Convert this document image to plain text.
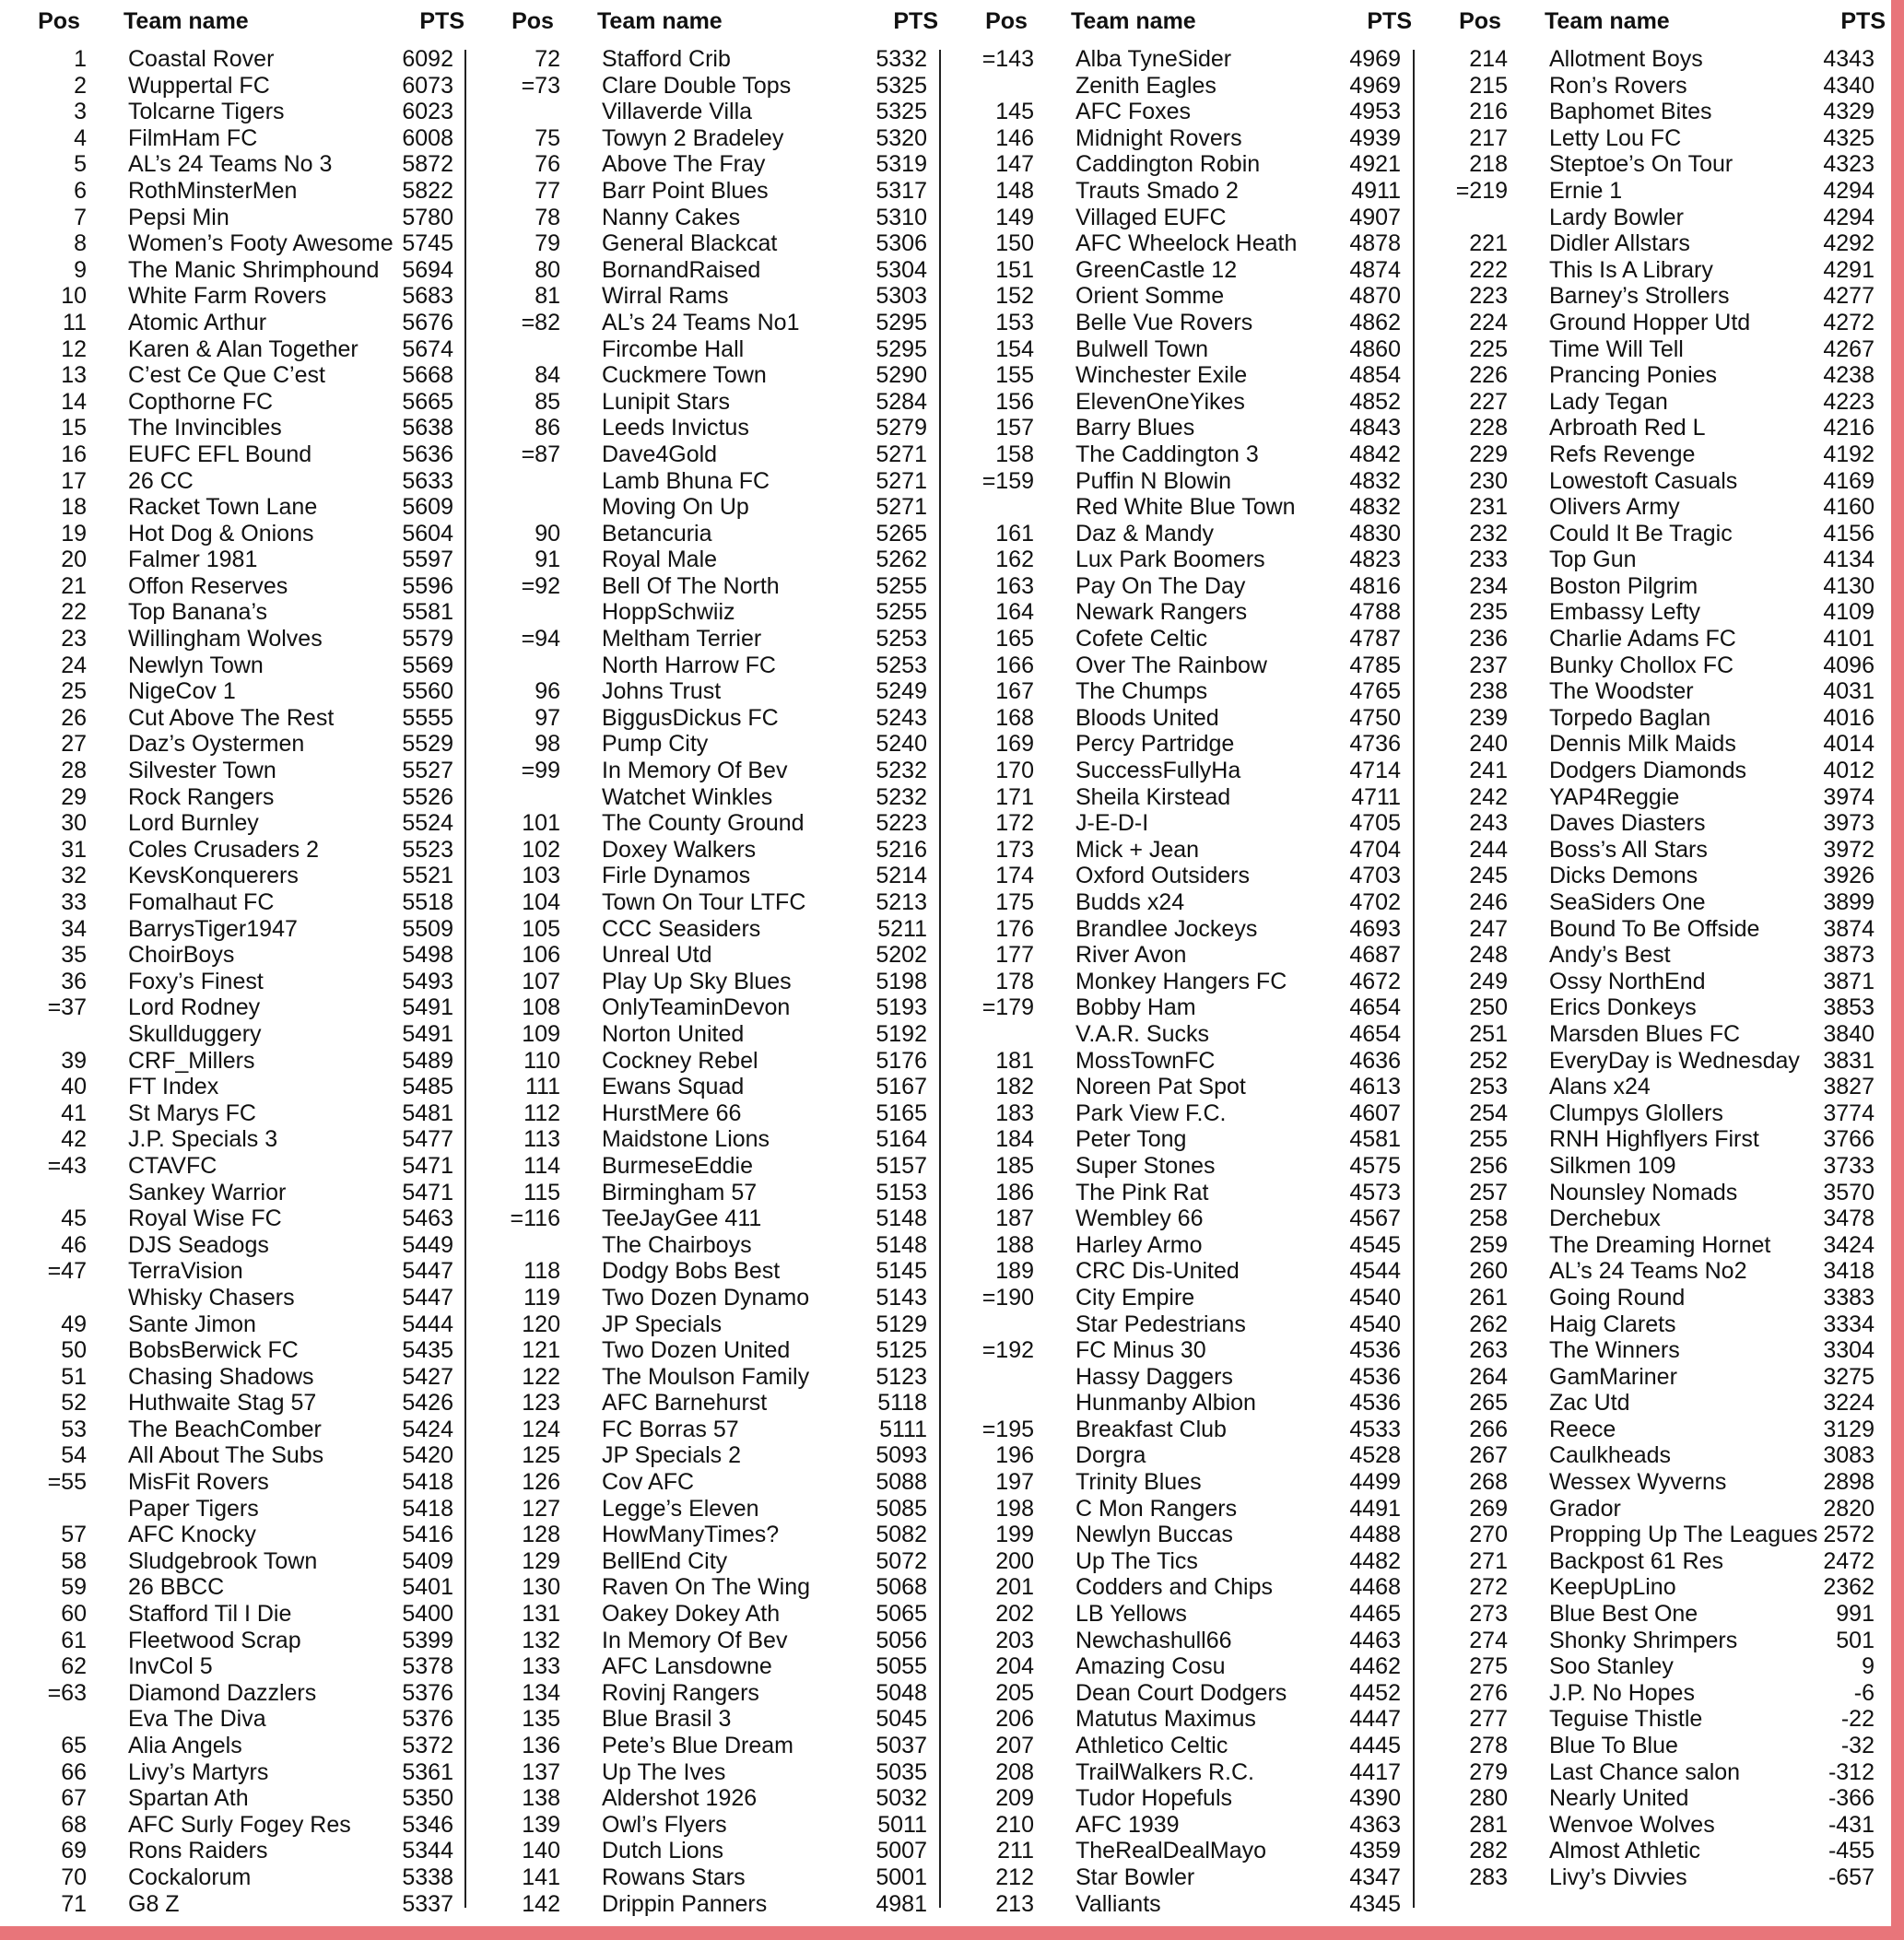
Pos	Team name	PTS
1 Coastal Rover	6092
2 Wuppertal FC	6073
3 Tolcarne Tigers	6023
4 FilmHam FC	6008
5 AL’s 24 Teams No 3	5872
6 RothMinsterMen	5822
7 Pepsi Min	5780
8 Women’s Footy Awesome 5745
9 The Manic Shrimphound	5694
10 White Farm Rovers	5683
11 Atomic Arthur	5676
12 Karen & Alan Together	5674
13 C’est Ce Que C’est	5668
14 Copthorne FC	5665
15 The Invincibles	5638
16 EUFC EFL Bound	5636
17 26 CC	5633
18 Racket Town Lane	5609
19 Hot Dog & Onions	5604
20 Falmer 1981	5597
21 Offon Reserves	5596
22 Top Banana’s	5581
23 Willingham Wolves	5579
24 Newlyn Town	5569
25 NigeCov 1	5560
26 Cut Above The Rest	5555
27 Daz’s Oystermen	5529
28 Silvester Town	5527
29 Rock Rangers	5526
30 Lord Burnley	5524
31 Coles Crusaders 2	5523
32 KevsKonquerers	5521
33 Fomalhaut FC	5518
34 BarrysTiger1947	5509
35 ChoirBoys	5498
36 Foxy’s Finest	5493
=37 Lord Rodney	5491
Skullduggery	5491
39 CRF_Millers	5489
40 FT Index	5485
41 St Marys FC	5481
42 J.P. Specials 3	5477
=43 CTAVFC	5471
Sankey Warrior	5471
45 Royal Wise FC	5463
46 DJS Seadogs	5449
=47 TerraVision	5447
Whisky Chasers	5447
49 Sante Jimon	5444
50 BobsBerwick FC	5435
51 Chasing Shadows	5427
52 Huthwaite Stag 57	5426
53 The BeachComber	5424
54 All About The Subs	5420
=55 MisFit Rovers	5418
Paper Tigers	5418
57 AFC Knocky	5416
58 Sludgebrook Town	5409
59 26 BBCC	5401
60 Stafford Til I Die	5400
61 Fleetwood Scrap	5399
62 InvCol 5	5378
=63 Diamond Dazzlers	5376
Eva The Diva	5376
65 Alia Angels	5372
66 Livy’s Martyrs	5361
67 Spartan Ath	5350
68 AFC Surly Fogey Res	5346
69 Rons Raiders	5344
70 Cockalorum	5338
71 G8 Z	5337
Pos	Team name	PTS
72 Stafford Crib	5332
=73 Clare Double Tops	5325
Villaverde Villa	5325
75 Towyn 2 Bradeley	5320
76 Above The Fray	5319
77 Barr Point Blues	5317
78 Nanny Cakes	5310
79 General Blackcat	5306
80 BornandRaised	5304
81 Wirral Rams	5303
=82 AL’s 24 Teams No1	5295
Fircombe Hall	5295
84 Cuckmere Town	5290
85 Lunipit Stars	5284
86 Leeds Invictus	5279
=87 Dave4Gold	5271
Lamb Bhuna FC	5271
Moving On Up	5271
90 Betancuria	5265
91 Royal Male	5262
=92 Bell Of The North	5255
HoppSchwiiz	5255
=94 Meltham Terrier	5253
North Harrow FC	5253
96 Johns Trust	5249
97 BiggusDickus FC	5243
98 Pump City	5240
=99 In Memory Of Bev	5232
Watchet Winkles	5232
101 The County Ground	5223
102 Doxey Walkers	5216
103 Firle Dynamos	5214
104 Town On Tour LTFC	5213
105 CCC Seasiders	5211
106 Unreal Utd	5202
107 Play Up Sky Blues	5198
108 OnlyTeaminDevon	5193
109 Norton United	5192
110 Cockney Rebel	5176
111 Ewans Squad	5167
112 HurstMere 66	5165
113 Maidstone Lions	5164
114 BurmeseEddie	5157
115 Birmingham 57	5153
=116 TeeJayGee 411	5148
The Chairboys	5148
118 Dodgy Bobs Best	5145
119 Two Dozen Dynamo	5143
120 JP Specials	5129
121 Two Dozen United	5125
122 The Moulson Family	5123
123 AFC Barnehurst	5118
124 FC Borras 57	5111
125 JP Specials 2	5093
126 Cov AFC	5088
127 Legge’s Eleven	5085
128 HowManyTimes?	5082
129 BellEnd City	5072
130 Raven On The Wing	5068
131 Oakey Dokey Ath	5065
132 In Memory Of Bev	5056
133 AFC Lansdowne	5055
134 Rovinj Rangers	5048
135 Blue Brasil 3	5045
136 Pete’s Blue Dream	5037
137 Up The Ives	5035
138 Aldershot 1926	5032
139 Owl’s Flyers	5011
140 Dutch Lions	5007
141 Rowans Stars	5001
142 Drippin Panners	4981
Pos	Team name	PTS
=143 Alba TyneSider	4969
Zenith Eagles	4969
145 AFC Foxes	4953
146 Midnight Rovers	4939
147 Caddington Robin	4921
148 Trauts Smado 2	4911
149 Villaged EUFC	4907
150 AFC Wheelock Heath	4878
151 GreenCastle 12	4874
152 Orient Somme	4870
153 Belle Vue Rovers	4862
154 Bulwell Town	4860
155 Winchester Exile	4854
156 ElevenOneYikes	4852
157 Barry Blues	4843
158 The Caddington 3	4842
=159 Puffin N Blowin	4832
Red White Blue Town	4832
161 Daz & Mandy	4830
162 Lux Park Boomers	4823
163 Pay On The Day	4816
164 Newark Rangers	4788
165 Cofete Celtic	4787
166 Over The Rainbow	4785
167 The Chumps	4765
168 Bloods United	4750
169 Percy Partridge	4736
170 SuccessFullyHa	4714
171 Sheila Kirstead	4711
172 J-E-D-I	4705
173 Mick + Jean	4704
174 Oxford Outsiders	4703
175 Budds x24	4702
176 Brandlee Jockeys	4693
177 River Avon	4687
178 Monkey Hangers FC	4672
=179 Bobby Ham	4654
V.A.R. Sucks	4654
181 MossTownFC	4636
182 Noreen Pat Spot	4613
183 Park View F.C.	4607
184 Peter Tong	4581
185 Super Stones	4575
186 The Pink Rat	4573
187 Wembley 66	4567
188 Harley Armo	4545
189 CRC Dis-United	4544
=190 City Empire	4540
Star Pedestrians	4540
=192 FC Minus 30	4536
Hassy Daggers	4536
Hunmanby Albion	4536
=195 Breakfast Club	4533
196 Dorgra	4528
197 Trinity Blues	4499
198 C Mon Rangers	4491
199 Newlyn Buccas	4488
200 Up The Tics	4482
201 Codders and Chips	4468
202 LB Yellows	4465
203 Newchashull66	4463
204 Amazing Cosu	4462
205 Dean Court Dodgers	4452
206 Matutus Maximus	4447
207 Athletico Celtic	4445
208 TrailWalkers R.C.	4417
209 Tudor Hopefuls	4390
210 AFC 1939	4363
211 TheRealDealMayo	4359
212 Star Bowler	4347
213 Valliants	4345
Pos	Team name	PTS
214 Allotment Boys	4343
215 Ron’s Rovers	4340
216 Baphomet Bites	4329
217 Letty Lou FC	4325
218 Steptoe’s On Tour	4323
=219 Ernie 1	4294
Lardy Bowler	4294
221 Didler Allstars	4292
222 This Is A Library	4291
223 Barney’s Strollers	4277
224 Ground Hopper Utd	4272
225 Time Will Tell	4267
226 Prancing Ponies	4238
227 Lady Tegan	4223
228 Arbroath Red L	4216
229 Refs Revenge	4192
230 Lowestoft Casuals	4169
231 Olivers Army	4160
232 Could It Be Tragic	4156
233 Top Gun	4134
234 Boston Pilgrim	4130
235 Embassy Lefty	4109
236 Charlie Adams FC	4101
237 Bunky Chollox FC	4096
238 The Woodster	4031
239 Torpedo Baglan	4016
240 Dennis Milk Maids	4014
241 Dodgers Diamonds	4012
242 YAP4Reggie	3974
243 Daves Diasters	3973
244 Boss’s All Stars	3972
245 Dicks Demons	3926
246 SeaSiders One	3899
247 Bound To Be Offside	3874
248 Andy’s Best	3873
249 Ossy NorthEnd	3871
250 Erics Donkeys	3853
251 Marsden Blues FC	3840
252 EveryDay is Wednesday	3831
253 Alans x24	3827
254 Clumpys Glollers	3774
255 RNH Highflyers First	3766
256 Silkmen 109	3733
257 Nounsley Nomads	3570
258 Derchebux	3478
259 The Dreaming Hornet	3424
260 AL’s 24 Teams No2	3418
261 Going Round	3383
262 Haig Clarets	3334
263 The Winners	3304
264 GamMariner	3275
265 Zac Utd	3224
266 Reece	3129
267 Caulkheads	3083
268 Wessex Wyverns	2898
269 Grador	2820
270 Propping Up The Leagues 2572
271 Backpost 61 Res	2472
272 KeepUpLino	2362
273 Blue Best One	991
274 Shonky Shrimpers	501
275 Soo Stanley	9
276 J.P. No Hopes	-6
277 Teguise Thistle	-22
278 Blue To Blue	-32
279 Last Chance salon	-312
280 Nearly United	-366
281 Wenvoe Wolves	-431
282 Almost Athletic	-455
283 Livy’s Divvies	-657
